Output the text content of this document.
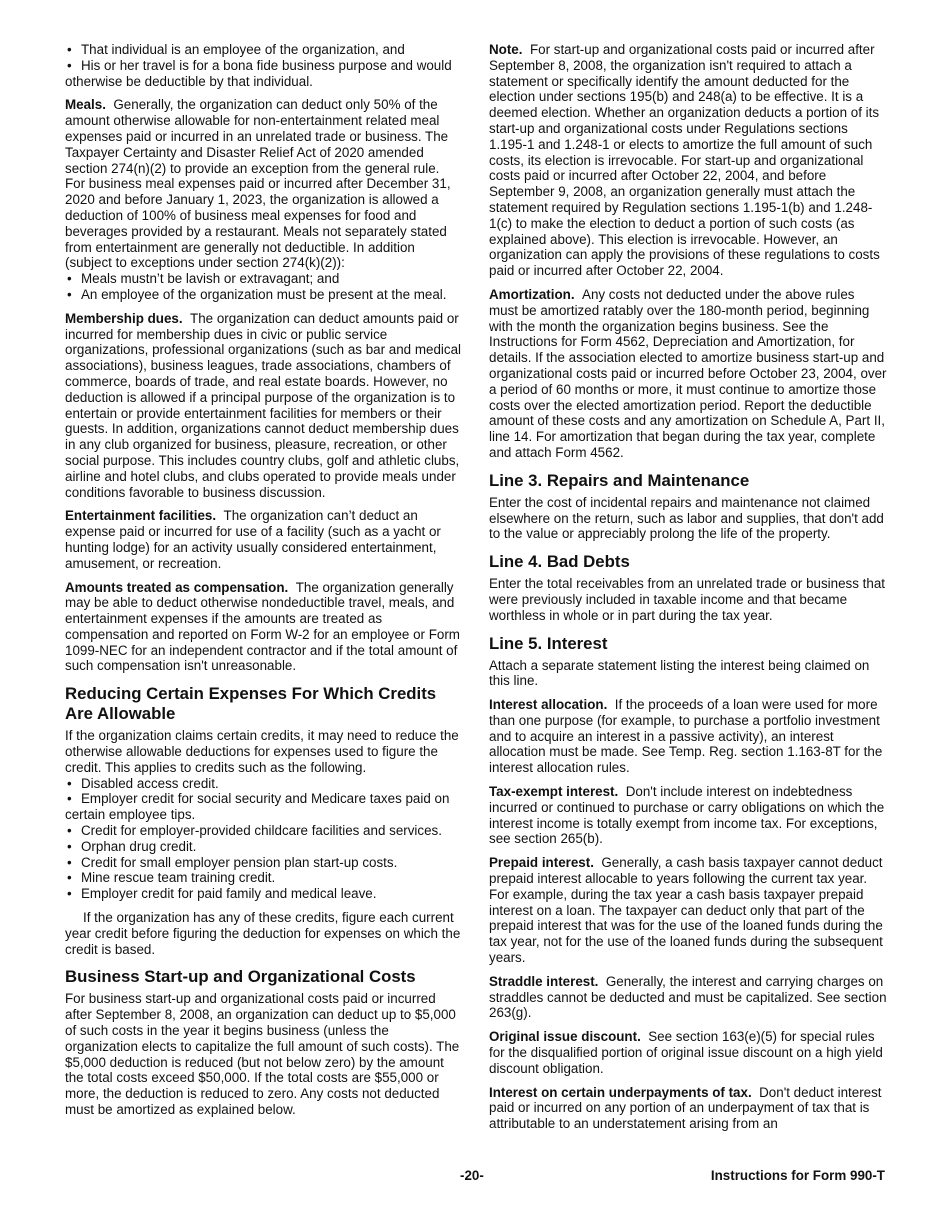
• That individual is an employee of the organization, and

• His or her travel is for a bona fide business purpose and would otherwise be deductible by that individual.

Meals. Generally, the organization can deduct only 50% of the amount otherwise allowable for non-entertainment related meal expenses paid or incurred in an unrelated trade or business. The Taxpayer Certainty and Disaster Relief Act of 2020 amended section 274(n)(2) to provide an exception from the general rule. For business meal expenses paid or incurred after December 31, 2020 and before January 1, 2023, the organization is allowed a deduction of 100% of business meal expenses for food and beverages provided by a restaurant. Meals not separately stated from entertainment are generally not deductible. In addition (subject to exceptions under section 274(k)(2)):

• Meals mustn’t be lavish or extravagant; and

• An employee of the organization must be present at the meal.

Membership dues. The organization can deduct amounts paid or incurred for membership dues in civic or public service organizations, professional organizations (such as bar and medical associations), business leagues, trade associations, chambers of commerce, boards of trade, and real estate boards. However, no deduction is allowed if a principal purpose of the organization is to entertain or provide entertainment facilities for members or their guests. In addition, organizations cannot deduct membership dues in any club organized for business, pleasure, recreation, or other social purpose. This includes country clubs, golf and athletic clubs, airline and hotel clubs, and clubs operated to provide meals under conditions favorable to business discussion.

Entertainment facilities. The organization can’t deduct an expense paid or incurred for use of a facility (such as a yacht or hunting lodge) for an activity usually considered entertainment, amusement, or recreation.

Amounts treated as compensation. The organization generally may be able to deduct otherwise nondeductible travel, meals, and entertainment expenses if the amounts are treated as compensation and reported on Form W-2 for an employee or Form 1099-NEC for an independent contractor and if the total amount of such compensation isn't unreasonable.

Reducing Certain Expenses For Which Credits Are Allowable

If the organization claims certain credits, it may need to reduce the otherwise allowable deductions for expenses used to figure the credit. This applies to credits such as the following.

• Disabled access credit.

• Employer credit for social security and Medicare taxes paid on certain employee tips.

• Credit for employer-provided childcare facilities and services.

• Orphan drug credit.

• Credit for small employer pension plan start-up costs.

• Mine rescue team training credit.

• Employer credit for paid family and medical leave.

If the organization has any of these credits, figure each current year credit before figuring the deduction for expenses on which the credit is based.

Business Start-up and Organizational Costs

For business start-up and organizational costs paid or incurred after September 8, 2008, an organization can deduct up to $5,000 of such costs in the year it begins business (unless the organization elects to capitalize the full amount of such costs). The $5,000 deduction is reduced (but not below zero) by the amount the total costs exceed $50,000. If the total costs are $55,000 or more, the deduction is reduced to zero. Any costs not deducted must be amortized as explained below.

Note. For start-up and organizational costs paid or incurred after September 8, 2008, the organization isn't required to attach a statement or specifically identify the amount deducted for the election under sections 195(b) and 248(a) to be effective. It is a deemed election. Whether an organization deducts a portion of its start-up and organizational costs under Regulations sections 1.195-1 and 1.248-1 or elects to amortize the full amount of such costs, its election is irrevocable. For start-up and organizational costs paid or incurred after October 22, 2004, and before September 9, 2008, an organization generally must attach the statement required by Regulation sections 1.195-1(b) and 1.248-1(c) to make the election to deduct a portion of such costs (as explained above). This election is irrevocable. However, an organization can apply the provisions of these regulations to costs paid or incurred after October 22, 2004.

Amortization. Any costs not deducted under the above rules must be amortized ratably over the 180-month period, beginning with the month the organization begins business. See the Instructions for Form 4562, Depreciation and Amortization, for details. If the association elected to amortize business start-up and organizational costs paid or incurred before October 23, 2004, over a period of 60 months or more, it must continue to amortize those costs over the elected amortization period. Report the deductible amount of these costs and any amortization on Schedule A, Part II, line 14. For amortization that began during the tax year, complete and attach Form 4562.

Line 3. Repairs and Maintenance

Enter the cost of incidental repairs and maintenance not claimed elsewhere on the return, such as labor and supplies, that don't add to the value or appreciably prolong the life of the property.

Line 4. Bad Debts

Enter the total receivables from an unrelated trade or business that were previously included in taxable income and that became worthless in whole or in part during the tax year.

Line 5. Interest

Attach a separate statement listing the interest being claimed on this line.

Interest allocation. If the proceeds of a loan were used for more than one purpose (for example, to purchase a portfolio investment and to acquire an interest in a passive activity), an interest allocation must be made. See Temp. Reg. section 1.163-8T for the interest allocation rules.

Tax-exempt interest. Don't include interest on indebtedness incurred or continued to purchase or carry obligations on which the interest income is totally exempt from income tax. For exceptions, see section 265(b).

Prepaid interest. Generally, a cash basis taxpayer cannot deduct prepaid interest allocable to years following the current tax year. For example, during the tax year a cash basis taxpayer prepaid interest on a loan. The taxpayer can deduct only that part of the prepaid interest that was for the use of the loaned funds during the tax year, not for the use of the loaned funds during the subsequent years.

Straddle interest. Generally, the interest and carrying charges on straddles cannot be deducted and must be capitalized. See section 263(g).

Original issue discount. See section 163(e)(5) for special rules for the disqualified portion of original issue discount on a high yield discount obligation.

Interest on certain underpayments of tax. Don't deduct interest paid or incurred on any portion of an underpayment of tax that is attributable to an understatement arising from an

-20-	Instructions for Form 990-T
